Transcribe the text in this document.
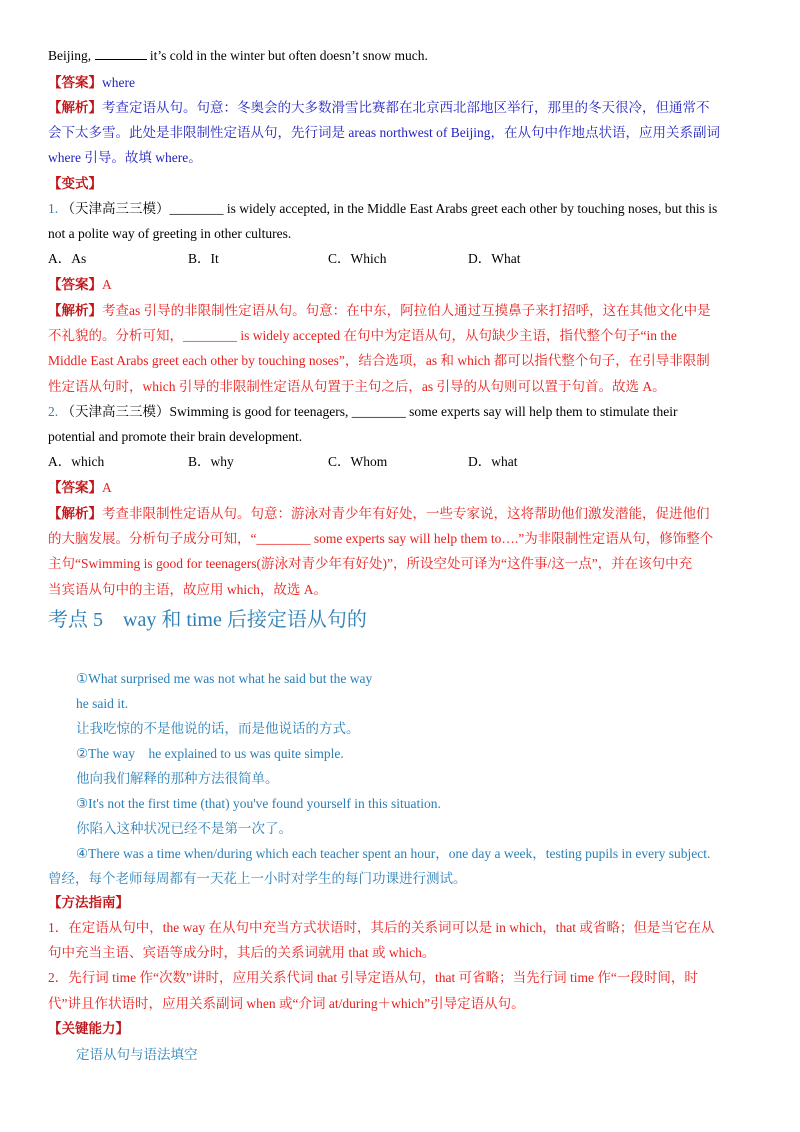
Beijing,	it’s cold in the winter but often doesn’t snow much.
【答案】where
【解析】考查定语从句。句意：冬奥会的大多数滑雪比赛都在北京西北部地区举行，那里的冬天很冷，但通常不
会下太多雪。此处是非限制性定语从句，先行词是 areas northwest of Beijing，在从句中作地点状语，应用关系副词
where 引导。故填 where。
【变式】
1. （天津高三三模）________ is widely accepted, in the Middle East Arabs greet each other by touching noses, but this is
not a polite way of greeting in other cultures.
A．As	B．It	C．Which	D．What
【答案】A
【解析】考查as 引导的非限制性定语从句。句意：在中东，阿拉伯人通过互摸鼻子来打招呼，这在其他文化中是
不礼貌的。分析可知，________ is widely accepted 在句中为定语从句，从句缺少主语，指代整个句子“in the
Middle East Arabs greet each other by touching noses”，结合选项，as 和 which 都可以指代整个句子，在引导非限制
性定语从句时，which 引导的非限制性定语从句置于主句之后，as 引导的从句则可以置于句首。故选 A。
2. （天津高三三模）Swimming is good for teenagers, ________ some experts say will help them to stimulate their
potential and promote their brain development.
A．which	B．why	C．Whom	D．what
【答案】A
【解析】考查非限制性定语从句。句意：游泳对青少年有好处，一些专家说，这将帮助他们激发潜能，促进他们
的大脑发展。分析句子成分可知，“________ some experts say will help them to….”为非限制性定语从句，修饰整个
主句“Swimming is good for teenagers(游泳对青少年有好处)”，所设空处可译为“这件事/这一点”，并在该句中充
当宾语从句中的主语，故应用 which，故选 A。
考点 5　way 和 time 后接定语从句的
①What surprised me was not what he said but the way
he said it.
让我吃惊的不是他说的话，而是他说话的方式。
②The way　he explained to us was quite simple.
他向我们解释的那种方法很简单。
③It's not the first time (that) you've found yourself in this situation.
你陷入这种状况已经不是第一次了。
④There was a time when/during which each teacher spent an hour，one day a week，testing pupils in every subject.
曾经，每个老师每周都有一天花上一小时对学生的每门功课进行测试。
【方法指南】
1．在定语从句中，the way 在从句中充当方式状语时，其后的关系词可以是 in which，that 或省略；但是当它在从
句中充当主语、宾语等成分时，其后的关系词就用 that 或 which。
2．先行词 time 作“次数”讲时，应用关系代词 that 引导定语从句，that 可省略；当先行词 time 作“一段时间，时
代”讲且作状语时，应用关系副词 when 或“介词 at/during＋which”引导定语从句。
【关键能力】
定语从句与语法填空
